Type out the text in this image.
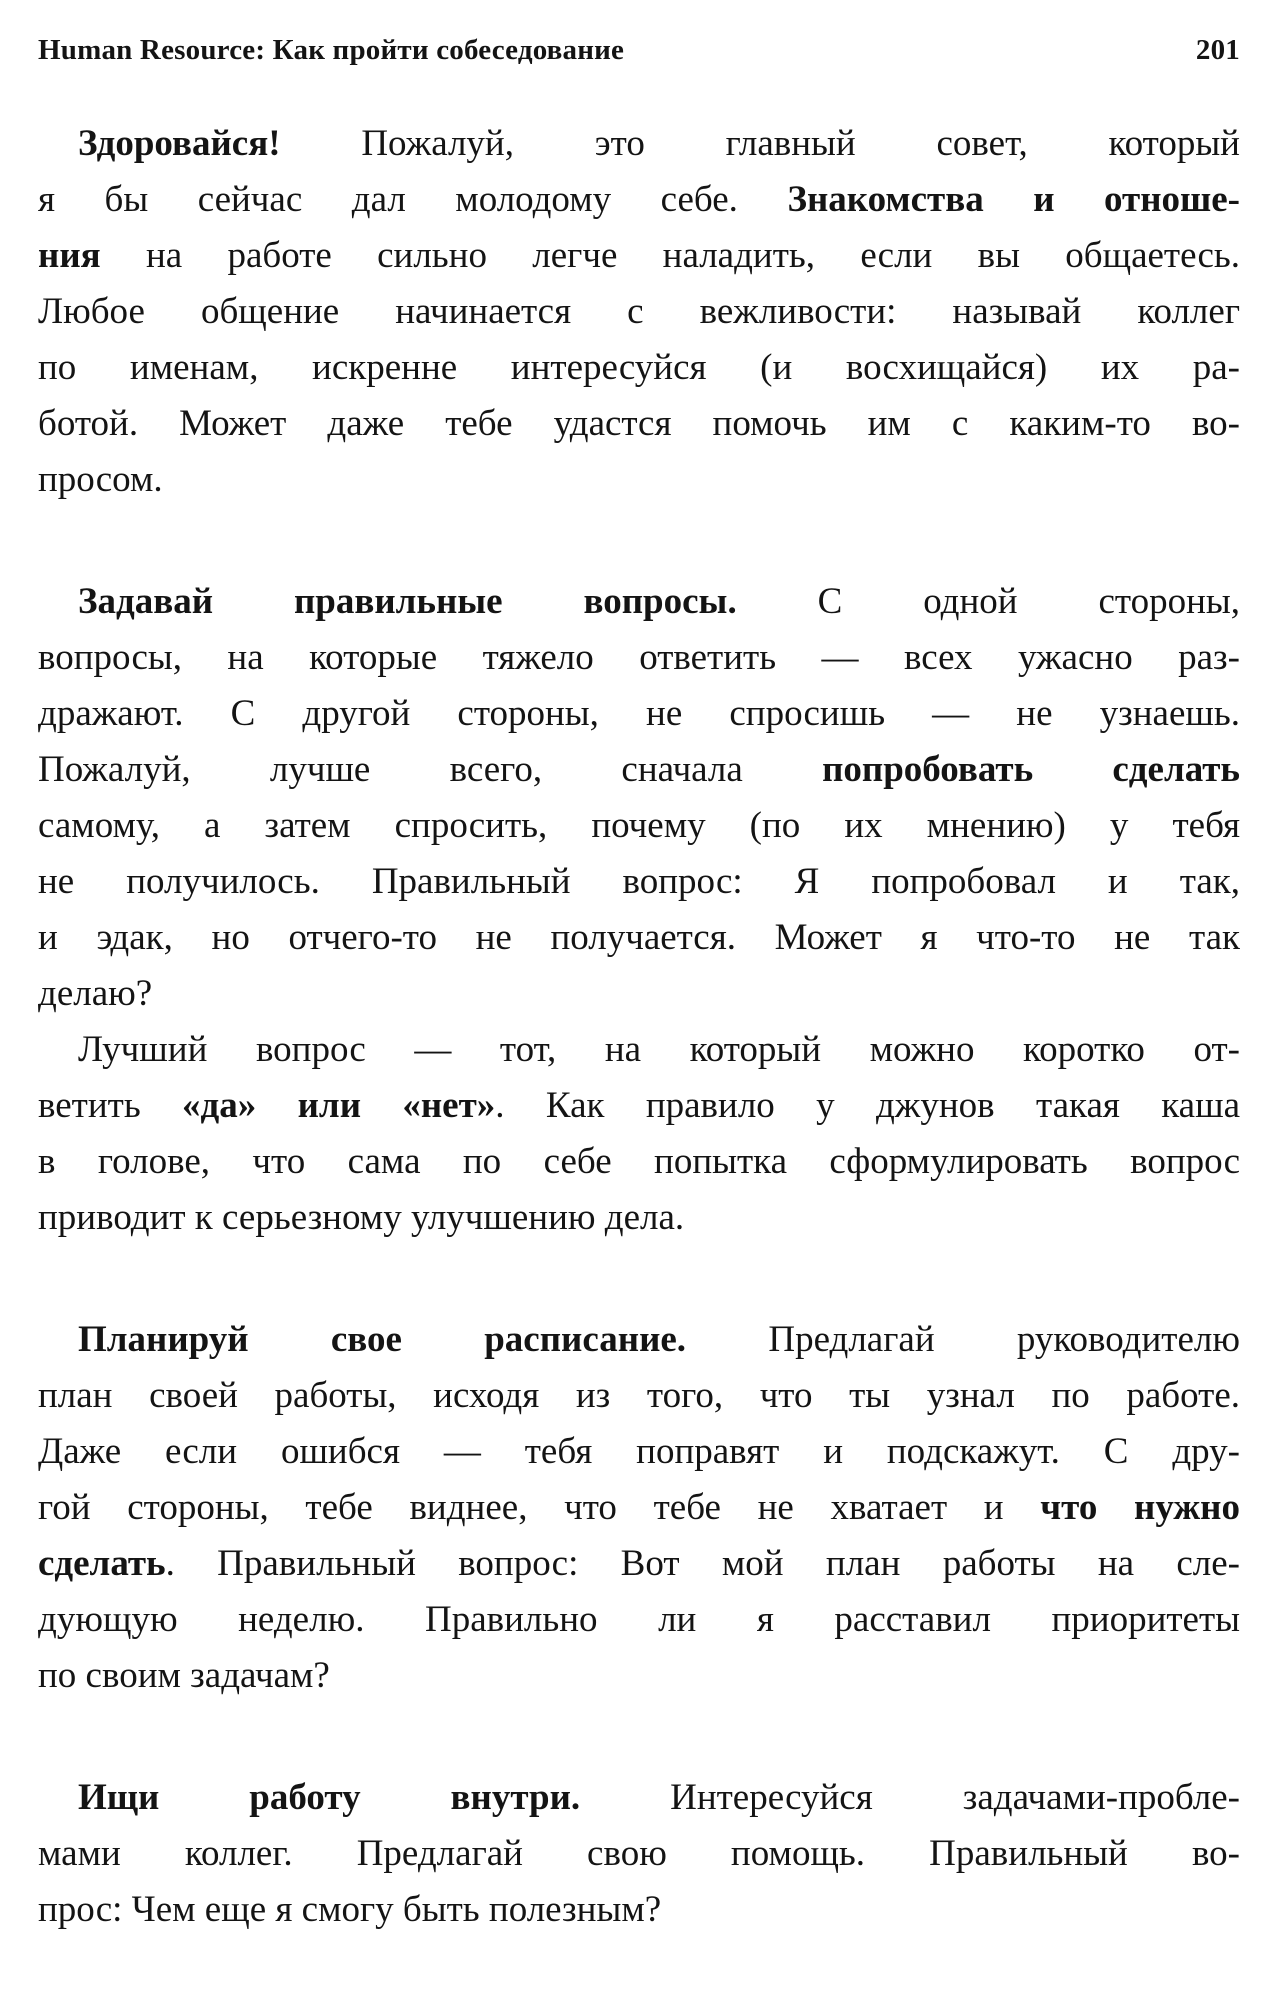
Human Resource: Как пройти собеседование	201
Здоровайся! Пожалуй, это главный совет, который
я бы сейчас дал молодому себе. Знакомства и отноше-
ния на работе сильно легче наладить, если вы общаетесь.
Любое общение начинается с вежливости: называй коллег
по именам, искренне интересуйся (и восхищайся) их ра-
ботой. Может даже тебе удастся помочь им с каким-то во-
просом.
Задавай правильные вопросы. С одной стороны,
вопросы, на которые тяжело ответить — всех ужасно раз-
дражают. С другой стороны, не спросишь — не узнаешь.
Пожалуй, лучше всего, сначала попробовать сделать
самому, а затем спросить, почему (по их мнению) у тебя
не получилось. Правильный вопрос: Я попробовал и так,
и эдак, но отчего-то не получается. Может я что-то не так
делаю?
Лучший вопрос — тот, на который можно коротко от-
ветить «да» или «нет». Как правило у джунов такая каша
в голове, что сама по себе попытка сформулировать вопрос
приводит к серьезному улучшению дела.
Планируй свое расписание. Предлагай руководителю
план своей работы, исходя из того, что ты узнал по работе.
Даже если ошибся — тебя поправят и подскажут. С дру-
гой стороны, тебе виднее, что тебе не хватает и что нужно
сделать. Правильный вопрос: Вот мой план работы на сле-
дующую неделю. Правильно ли я расставил приоритеты
по своим задачам?
Ищи работу внутри. Интересуйся задачами-пробле-
мами коллег. Предлагай свою помощь. Правильный во-
прос: Чем еще я смогу быть полезным?
